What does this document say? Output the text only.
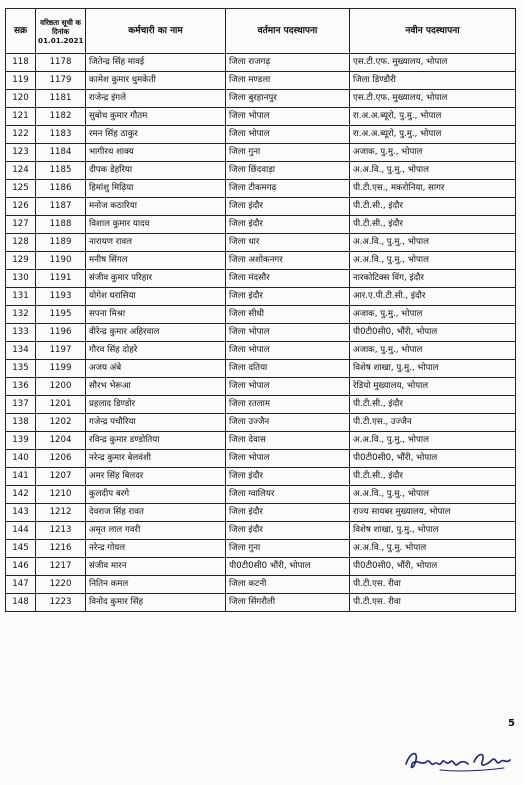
सक्र	वरिष्ठता सूची क दिनांक 01.01.2021	कर्मचारी का नाम	वर्तमान पदस्थापना	नवीन पदस्थापना
118	1178	जितेन्द्र सिंह मावई	जिला राजगढ़	एस.टी.एफ. मुख्यालय, भोपाल
119	1179	कामेश कुमार धुमकेती	जिला मण्डला	जिला डिण्डौरी
120	1181	राजेन्द्र इंगले	जिला बुरहानपुर	एस.टी.एफ. मुख्यालय, भोपाल
121	1182	सुबोध कुमार गौतम	जिला भोपाल	रा.अ.अ.ब्यूरो, पु.मु., भोपाल
122	1183	रमन सिंह ठाकुर	जिला भोपाल	रा.अ.अ.ब्यूरो, पु.मु., भोपाल
123	1184	भागीरथ शाक्य	जिला गुना	अजाक, पु.मु., भोपाल
124	1185	दीपक डेहरिया	जिला छिंदवाड़ा	अ.अ.वि., पु.मु., भोपाल
125	1186	हिमांशु मिढ़िया	जिला टीकमगढ़	पी.टी.एस., मकरोनिया, सागर
126	1187	मनोज कठारिया	जिला इंदौर	पी.टी.सी., इंदौर
127	1188	विशाल कुमार यादव	जिला इंदौर	पी.टी.सी., इंदौर
128	1189	नारायण रावल	जिला धार	अ.अ.वि., पु.मु., भोपाल
129	1190	मनीष सिंगल	जिला अशोकनगर	अ.अ.वि., पु.मु., भोपाल
130	1191	संजीव कुमार परिहार	जिला मंदसौर	नारकोटिक्स विंग, इंदौर
131	1193	योगेश घरासिया	जिला इंदौर	आर.ए.पी.टी.सी., इंदौर
132	1195	सपना मिश्रा	जिला सीधी	अजाक, पु.मु., भोपाल
133	1196	वीरेन्द्र कुमार अहिरवाल	जिला भोपाल	पी0टी0सी0, भौंरी, भोपाल
134	1197	गौरव सिंह दोहरे	जिला भोपाल	अजाक, पु.मु., भोपाल
135	1199	अजय अंबे	जिला दतिया	विशेष शाखा, पु.मु., भोपाल
136	1200	सौरभ भेरूआ	जिला भोपाल	रेडियो मुख्यालय, भोपाल
137	1201	प्रहलाद डिण्डोर	जिला रतलाम	पी.टी.सी., इंदौर
138	1202	गजेन्द्र पचौरिया	जिला उज्जैन	पी.टी.एस., उज्जैन
139	1204	रविन्द्र कुमार डण्डोतिया	जिला देवास	अ.अ.वि., पु.मु., भोपाल
140	1206	नरेन्द्र कुमार बेलवंशी	जिला भोपाल	पी0टी0सी0, भौंरी, भोपाल
141	1207	अमर सिंह बिलदर	जिला इंदौर	पी.टी.सी., इंदौर
142	1210	कुलदीप बरगे	जिला ग्वालियर	अ.अ.वि., पु.मु., भोपाल
143	1212	देवराज सिंह रावत	जिला इंदौर	राज्य सायबर मुख्यालय, भोपाल
144	1213	अमृत लाल गवरी	जिला इंदौर	विशेष शाखा, पु.मु., भोपाल
145	1216	नरेन्द्र गोयल	जिला गुना	अ.अ.वि., पु.मु. भोपाल
146	1217	संजीव मारन	पी0टी0सी0 भौंरी, भोपाल	पी0टी0सी0, भौंरी, भोपाल
147	1220	नितिन कमल	जिला कटनी	पी.टी.एस. रीवा
148	1223	विनोद कुमार सिंह	जिला सिंगरौली	पी.टी.एस. रीवा
5
